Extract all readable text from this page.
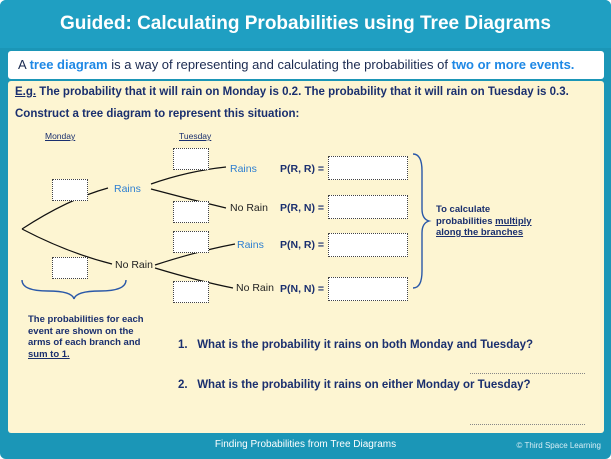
Guided: Calculating Probabilities using Tree Diagrams
A tree diagram is a way of representing and calculating the probabilities of two or more events.
E.g. The probability that it will rain on Monday is 0.2. The probability that it will rain on Tuesday is 0.3.
Construct a tree diagram to represent this situation:
Monday	Tuesday
Rains
No Rain
Rains
No Rain
Rains
No Rain
P(R, R) =
P(R, N) =
P(N, R) =
P(N, N) =
To calculate probabilities multiply along the branches
The probabilities for each event are shown on the arms of each branch and sum to 1.
1. What is the probability it rains on both Monday and Tuesday?
2. What is the probability it rains on either Monday or Tuesday?
Finding Probabilities from Tree Diagrams	© Third Space Learning
